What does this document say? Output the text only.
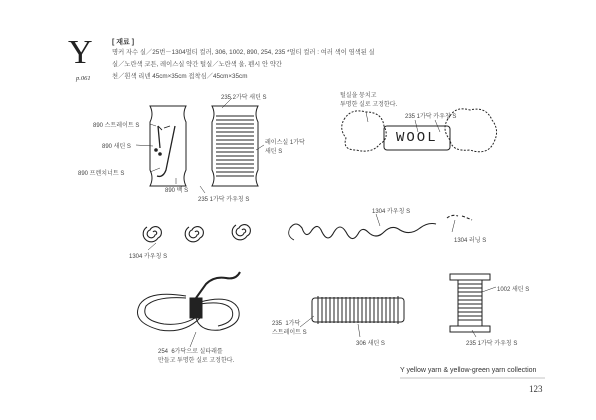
Y
p.061
[ 재료 ]
명커 자수 실／25번－1304멀티 컬러, 306, 1002, 890, 254, 235 *멀티 컬러 : 여러 색이 염색된 실
실／노란색 코튼, 레이스실 약간 털실／노란색 울, 펜시 안 약간
천／흰색 리넨 45cm×35cm 접착심／45cm×35cm
235 2가닥 새틴 S
890 스트레이트 S
890 새틴 S
890 프렌치너트 S
890 백 S
235 1가닥 카우칭 S
레이스실 1가닥
새틴 S
털실을 뭉치고
투명한 실로 고정한다.
235 1가닥 카우칭 S
WOOL
1304 카우칭 S
1304 카우칭 S
1304 러닝 S
254  6가닥으로 실타래를
만들고 투명한 실로 고정한다.
235  1가닥
스트레이트 S
306 새틴 S
1002 새틴 S
235 1가닥 카우칭 S
Y yellow yarn & yellow-green yarn collection
123
